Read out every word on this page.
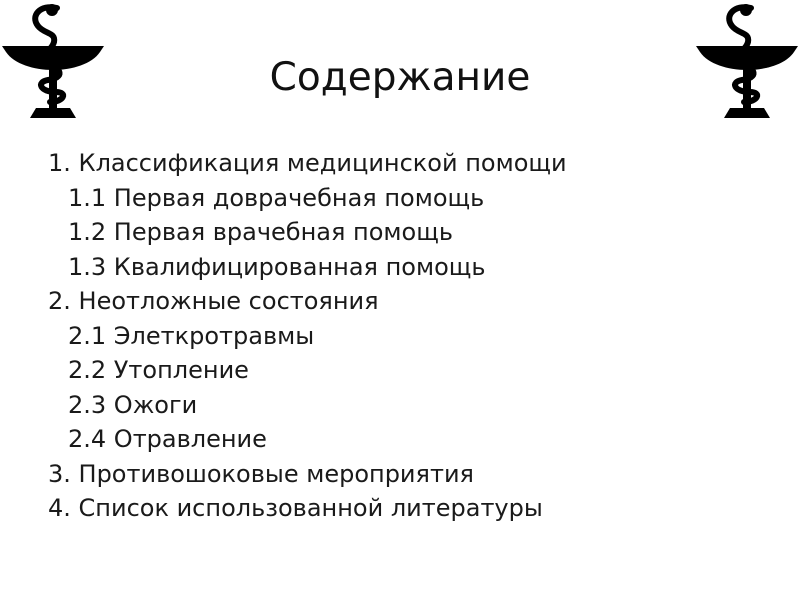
Содержание
1. Классификация медицинской помощи
1.1 Первая доврачебная помощь
1.2 Первая врачебная помощь
1.3 Квалифицированная помощь
2. Неотложные состояния
2.1 Элеткротравмы
2.2 Утопление
2.3 Ожоги
2.4 Отравление
3. Противошоковые мероприятия
4. Список использованной литературы
